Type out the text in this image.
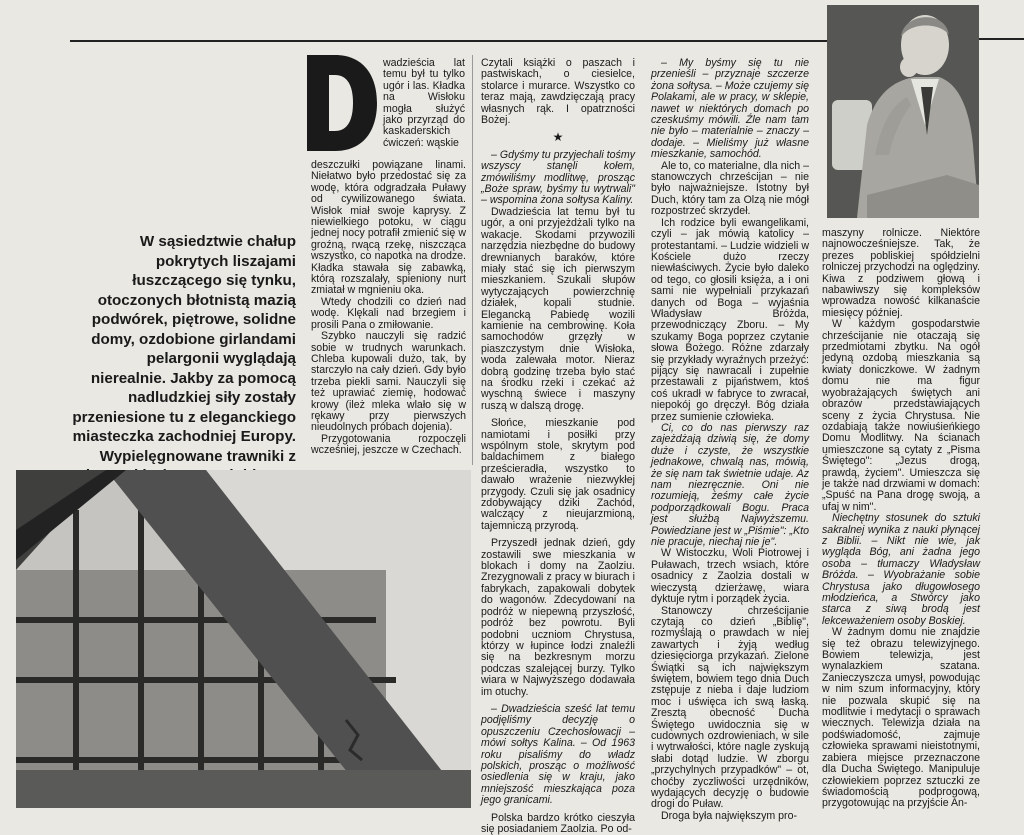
W sąsiedztwie chałup pokrytych liszajami łuszczącego się tynku, otoczonych błotnistą mazią podwórek, piętrowe, solidne domy, ozdobione girlandami pelargonii wyglądają nierealnie. Jakby za pomocą nadludzkiej siły zostały przeniesione tu z eleganckiego miasteczka zachodniej Europy. Wypielęgnowane trawniki z

wadzieścia lat temu był tu tylko ugór i las. Kładka na Wisłoku mogła służyć jako przyrząd do kaskaderskich ćwiczeń: wąskie

deszczułki powiązane linami. Niełatwo było przedostać się za wodę, która odgradzała Puławy od cywilizowanego świata. Wisłok miał swoje kaprysy. Z niewielkiego potoku, w ciągu jednej nocy potrafił zmienić się w groźną, rwącą rzekę, niszcząca wszystko, co napotka na drodze. Kładka stawała się zabawką, którą rozszalały, spieniony nurt zmiatał w mgnieniu oka.

Wtedy chodzili co dzień nad wodę. Klękali nad brzegiem i prosili Pana o zmiłowanie.

Szybko nauczyli się radzić sobie w trudnych warunkach. Chleba kupowali dużo, tak, by starczyło na cały dzień. Gdy było trzeba piekli sami. Nauczyli się też uprawiać ziemię, hodować krowy (ileż mleka wlało się w rękawy przy pierwszych nieudolnych próbach dojenia).

Przygotowania rozpoczęli wcześniej, jeszcze w Czechach.

Czytali książki o paszach i pastwiskach, o ciesielce, stolarce i murarce. Wszystko co teraz mają, zawdzięczają pracy własnych rąk. I opatrzności Bożej.

★

– Gdyśmy tu przyjechali tośmy wszyscy stanęli kołem, zmówiliśmy modlitwę, prosząc „Boże spraw, byśmy tu wytrwali" – wspomina żona sołtysa Kaliny.

Dwadzieścia lat temu był tu ugór, a oni przyjeżdżali tylko na wakacje. Skodami przywozili narzędzia niezbędne do budowy drewnianych baraków, które miały stać się ich pierwszym mieszkaniem. Szukali słupów wytyczających powierzchnię działek, kopali studnie. Elegancką Pabiedę wozili kamienie na cembrowinę. Koła samochodów grzęzły w piaszczystym dnie Wisłoka, woda zalewała motor. Nieraz dobrą godzinę trzeba było stać na środku rzeki i czekać aż wyschną świece i maszyny ruszą w dalszą drogę.

Słońce, mieszkanie pod namiotami i posiłki przy wspólnym stole, skrytym pod baldachimem z białego prześcieradła, wszystko to dawało wrażenie niezwykłej przygody. Czuli się jak osadnicy zdobywający dziki Zachód, walczący z nieujarzmioną, tajemniczą przyrodą.

Przyszedł jednak dzień, gdy zostawili swe mieszkania w blokach i domy na Zaolziu. Zrezygnowali z pracy w biurach i fabrykach, zapakowali dobytek do wagonów. Zdecydowani na podróż w niepewną przyszłość, podróż bez powrotu. Byli podobni uczniom Chrystusa, którzy w łupince łodzi znaleźli się na bezkresnym morzu podczas szalejącej burzy. Tylko wiara w Najwyższego dodawała im otuchy.

– Dwadzieścia sześć lat temu podjęliśmy decyzję o opuszczeniu Czechosłowacji – mówi sołtys Kalina. – Od 1963 roku pisaliśmy do władz polskich, prosząc o możliwość osiedlenia się w kraju, jako mniejszość mieszkająca poza jego granicami.

Polska bardzo krótko cieszyła się posiadaniem Zaolzia. Po od-

– My byśmy się tu nie przenieśli – przyznaje szczerze żona sołtysa. – Może czujemy się Polakami, ale w pracy, w sklepie, nawet w niektórych domach po czeskuśmy mówili. Źle nam tam nie było – materialnie – znaczy – dodaje. – Mieliśmy już własne mieszkanie, samochód.

Ale to, co materialne, dla nich – stanowczych chrześcijan – nie było najważniejsze. Istotny był Duch, który tam za Olzą nie mógł rozpostrzeć skrzydeł.

Ich rodzice byli ewangelikami, czyli – jak mówią katolicy – protestantami. – Ludzie widzieli w Kościele dużo rzeczy niewłaściwych. Życie było daleko od tego, co głosili księża, a i oni sami nie wypełniali przykazań danych od Boga – wyjaśnia Władysław Bróżda, przewodniczący Zboru. – My szukamy Boga poprzez czytanie słowa Bożego. Różne zdarzały się przykłady wyraźnych przeżyć: pijący się nawracali i zupełnie przestawali z pijaństwem, ktoś coś ukradł w fabryce to zwracał, niepokój go dręczył. Bóg działa przez sumienie człowieka.

Ci, co do nas pierwszy raz zajeżdżają dziwią się, że domy duże i czyste, że wszystkie jednakowe, chwalą nas, mówią, że się nam tak świetnie udaje. Az nam niezręcznie. Oni nie rozumieją, żeśmy całe życie podporządkowali Bogu. Praca jest służbą Najwyższemu. Powiedziane jest w „Piśmie": „Kto nie pracuje, niechaj nie je".

W Wistoczku, Woli Piotrowej i Puławach, trzech wsiach, które osadnicy z Zaolzia dostali w wieczystą dzierżawę, wiara dyktuje rytm i porządek życia.

Stanowczy chrześcijanie czytają co dzień „Biblię", rozmyślają o prawdach w niej zawartych i żyją według dziesięciorga przykazań. Zielone Świątki są ich największym świętem, bowiem tego dnia Duch zstępuje z nieba i daje ludziom moc i uświęca ich swą łaską. Zresztą obecność Ducha Świętego uwidocznia się w cudownych ozdrowieniach, w sile i wytrwałości, które nagle zyskują słabi dotąd ludzie. W zborgu „przychylnych przypadków" – ot, choćby zyczliwości urzędników, wydających decyzję o budowie drogi do Puław.

Droga była największym pro-

maszyny rolnicze. Niektóre najnowocześniejsze. Tak, że prezes pobliskiej spółdzielni rolniczej przychodzi na oględziny. Kiwa z podziwem głową i nabawiwszy się kompleksów wprowadza nowość kilkanaście miesięcy później.

W każdym gospodarstwie chrześcijanie nie otaczają się przedmiotami zbytku. Na ogół jedyną ozdobą mieszkania są kwiaty doniczkowe. W żadnym domu nie ma figur wyobrażających świętych ani obrazów przedstawiających sceny z życia Chrystusa. Nie ozdabiają także nowiuśieńkiego Domu Modlitwy. Na ścianach umieszczone są cytaty z „Pisma Świętego": „Jezus drogą, prawdą, życiem". Umieszcza się je także nad drzwiami w domach: „Spuść na Pana drogę swoją, a ufaj w nim".

Niechętny stosunek do sztuki sakralnej wynika z nauki płynącej z Biblii. – Nikt nie wie, jak wygląda Bóg, ani żadna jego osoba – tłumaczy Władysław Bróżda. – Wyobrażanie sobie Chrystusa jako długowłosego młodzieńca, a Stwórcy jako starca z siwą brodą jest lekceważeniem osoby Boskiej.

W żadnym domu nie znajdzie się też obrazu telewizyjnego. Bowiem telewizja, jest wynalazkiem szatana. Zanieczyszcza umysł, powodując w nim szum informacyjny, który nie pozwala skupić się na modlitwie i medytacji o sprawach wiecznych. Telewizja działa na podświadomość, zajmuje człowieka sprawami nieistotnymi, zabiera miejsce przeznaczone dla Ducha Świętego. Manipuluje człowiekiem poprzez sztuczki ze świadomością podprogową, przygotowując na przyjście An-
